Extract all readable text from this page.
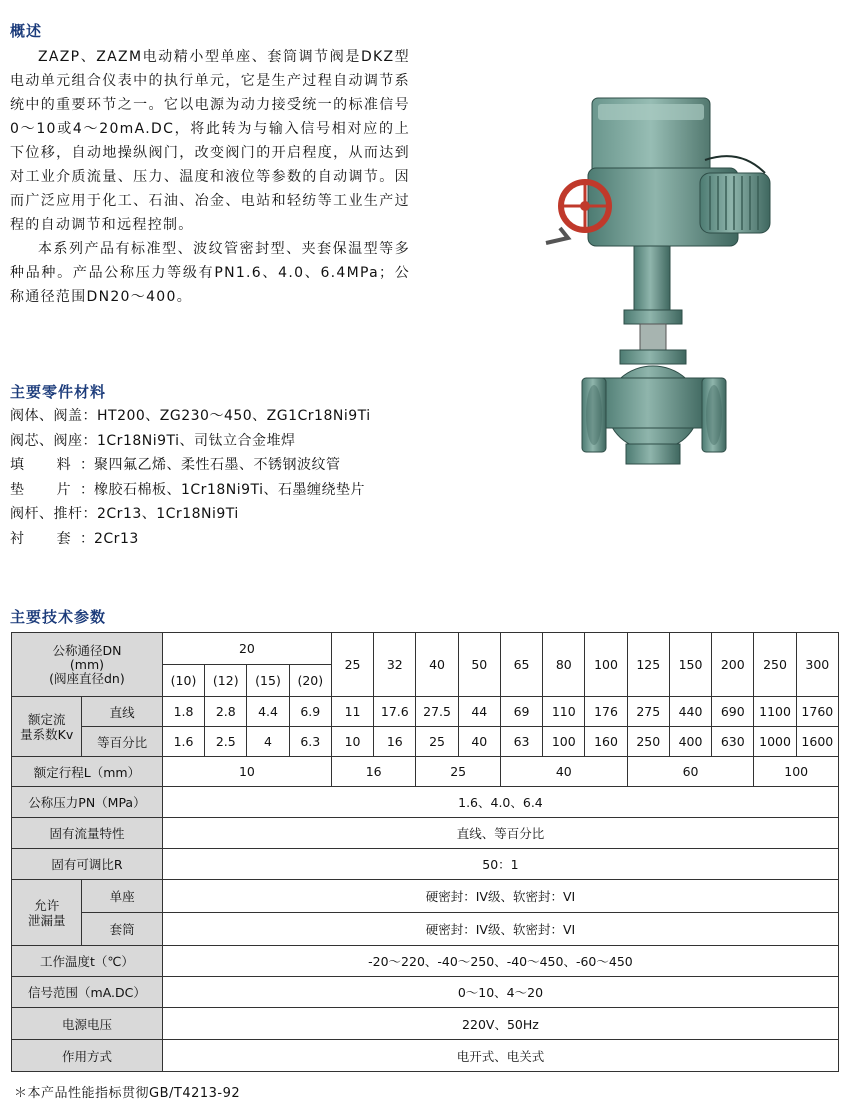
概述

ZAZP、ZAZM电动精小型单座、套筒调节阀是DKZ型电动单元组合仪表中的执行单元，它是生产过程自动调节系统中的重要环节之一。它以电源为动力接受统一的标准信号0～10或4～20mA.DC，将此转为与输入信号相对应的上下位移，自动地操纵阀门，改变阀门的开启程度，从而达到对工业介质流量、压力、温度和液位等参数的自动调节。因而广泛应用于化工、石油、冶金、电站和轻纺等工业生产过程的自动调节和远程控制。

本系列产品有标准型、波纹管密封型、夹套保温型等多种品种。产品公称压力等级有PN1.6、4.0、6.4MPa；公称通径范围DN20～400。

主要零件材料
阀体、阀盖：HT200、ZG230～450、ZG1Cr18Ni9Ti
阀芯、阀座：1Cr18Ni9Ti、司钛立合金堆焊
填　料：聚四氟乙烯、柔性石墨、不锈钢波纹管
垫　片：橡胶石棉板、1Cr18Ni9Ti、石墨缠绕垫片
阀杆、推杆：2Cr13、1Cr18Ni9Ti
衬　套：2Cr13
主要技术参数
公称通径DN
(mm)
(阀座直径dn)		20				25	32	40	50	65	80	100	125	150	200	250	300
		(10)	(12)	(15)	(20)												
额定流
量系数Kv	直线	1.8	2.8	4.4	6.9	11	17.6	27.5	44	69	110	176	275	440	690	1100	1760
	等百分比	1.6	2.5	4	6.3	10	16	25	40	63	100	160	250	400	630	1000	1600
额定行程L（mm）		10				16		25		40			60			100	
公称压力PN（MPa）		1.6、4.0、6.4															
固有流量特性		直线、等百分比															
固有可调比R		50：1															
允许
泄漏量	单座	硬密封：IV级、软密封：VI															
	套筒	硬密封：IV级、软密封：VI															
工作温度t（℃）		-20～220、-40～250、-40～450、-60～450															
信号范围（mA.DC）		0～10、4～20															
电源电压		220V、50Hz															
作用方式		电开式、电关式															
＊本产品性能指标贯彻GB/T4213-92
